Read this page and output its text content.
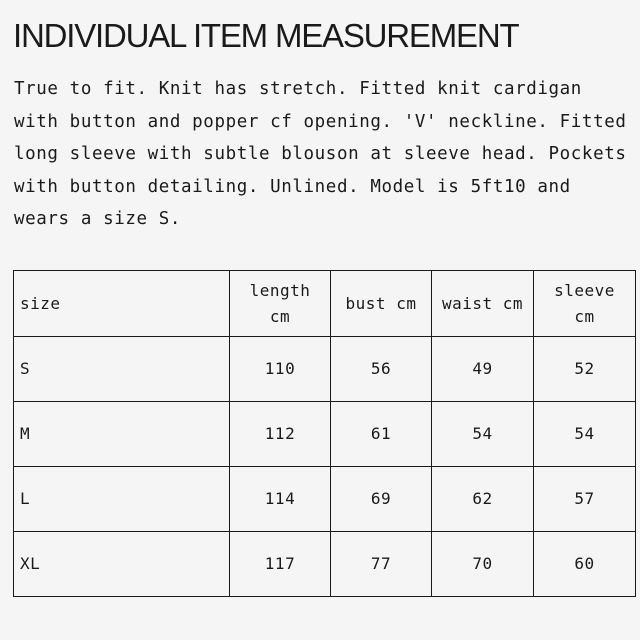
INDIVIDUAL ITEM MEASUREMENT
True to fit. Knit has stretch. Fitted knit cardigan with button and popper cf opening. 'V' neckline. Fitted long sleeve with subtle blouson at sleeve head. Pockets with button detailing. Unlined. Model is 5ft10 and wears a size S.
size	length cm	bust cm	waist cm	sleeve cm
S	110	56	49	52
M	112	61	54	54
L	114	69	62	57
XL	117	77	70	60
